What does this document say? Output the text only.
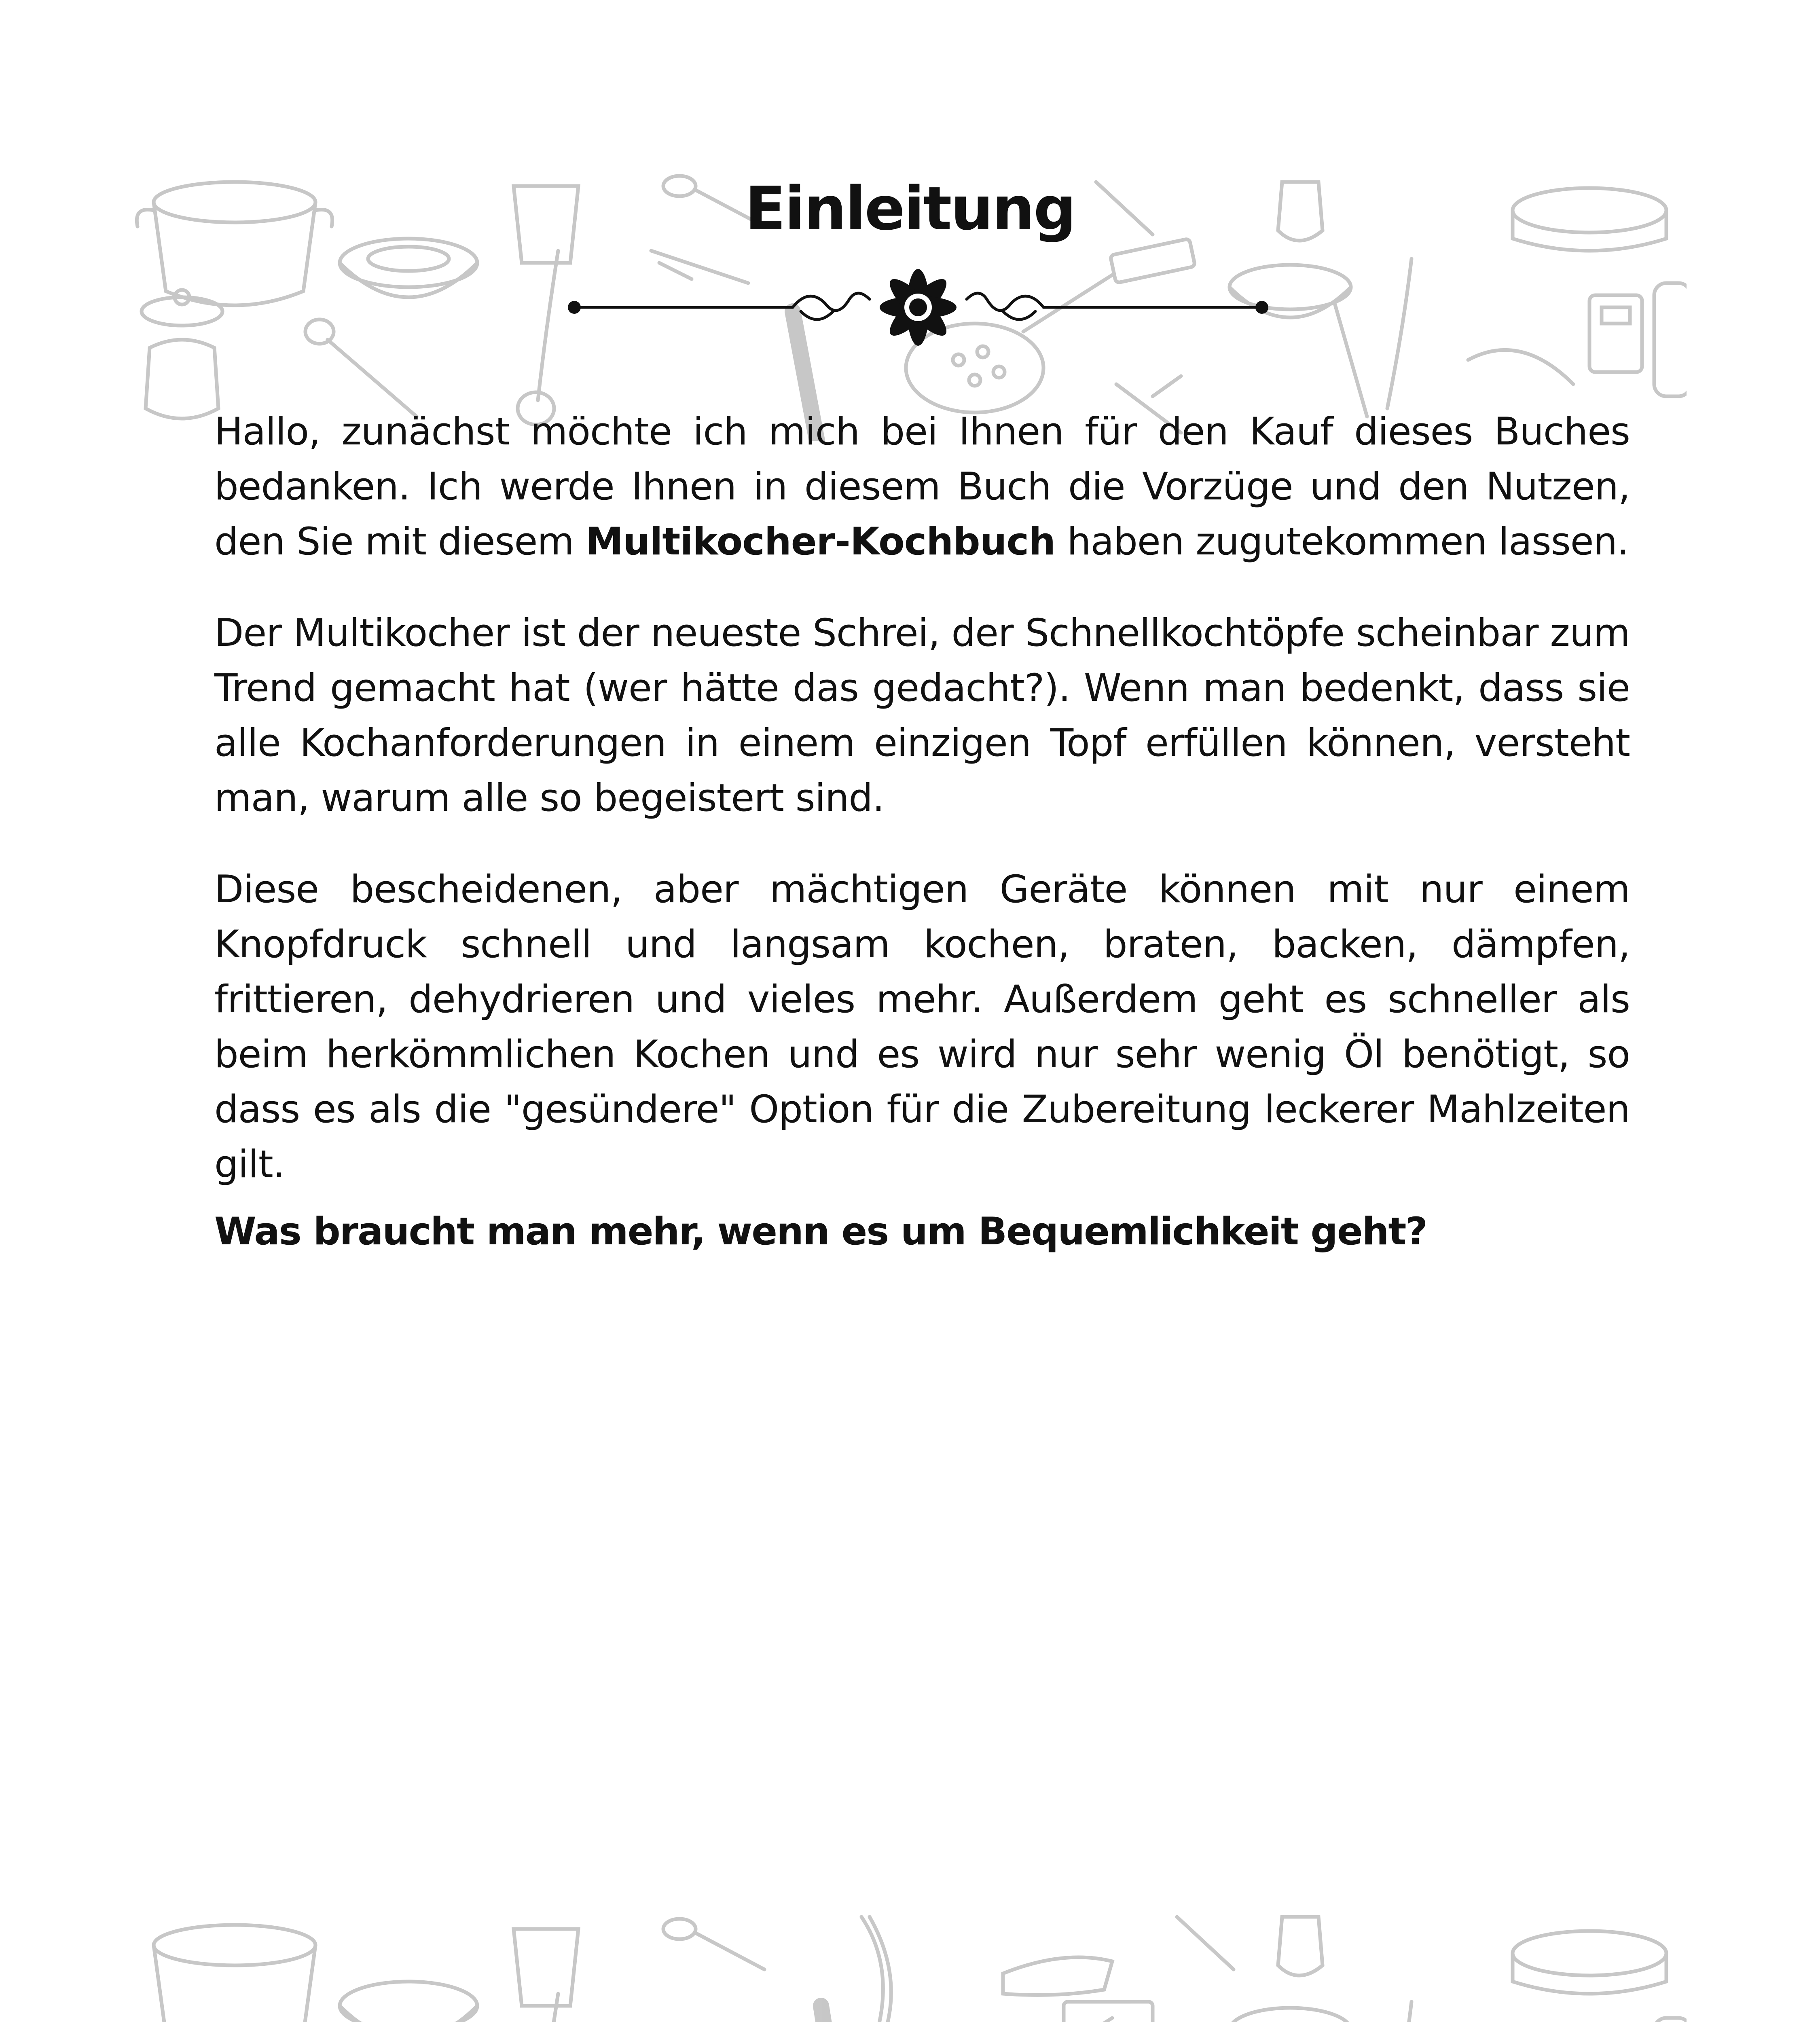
Einleitung

Hallo, zunächst möchte ich mich bei Ihnen für den Kauf dieses Buches bedanken. Ich werde Ihnen in diesem Buch die Vorzüge und den Nutzen, den Sie mit diesem Multikocher-Kochbuch haben zugutekommen lassen.

Der Multikocher ist der neueste Schrei, der Schnellkochtöpfe scheinbar zum Trend gemacht hat (wer hätte das gedacht?). Wenn man bedenkt, dass sie alle Kochanforderungen in einem einzigen Topf erfüllen können, versteht man, warum alle so begeistert sind.

Diese bescheidenen, aber mächtigen Geräte können mit nur einem Knopfdruck schnell und langsam kochen, braten, backen, dämpfen, frittieren, dehydrieren und vieles mehr. Außerdem geht es schneller als beim herkömmlichen Kochen und es wird nur sehr wenig Öl benötigt, so dass es als die "gesündere" Option für die Zubereitung leckerer Mahlzeiten gilt.

Was braucht man mehr, wenn es um Bequemlichkeit geht?
